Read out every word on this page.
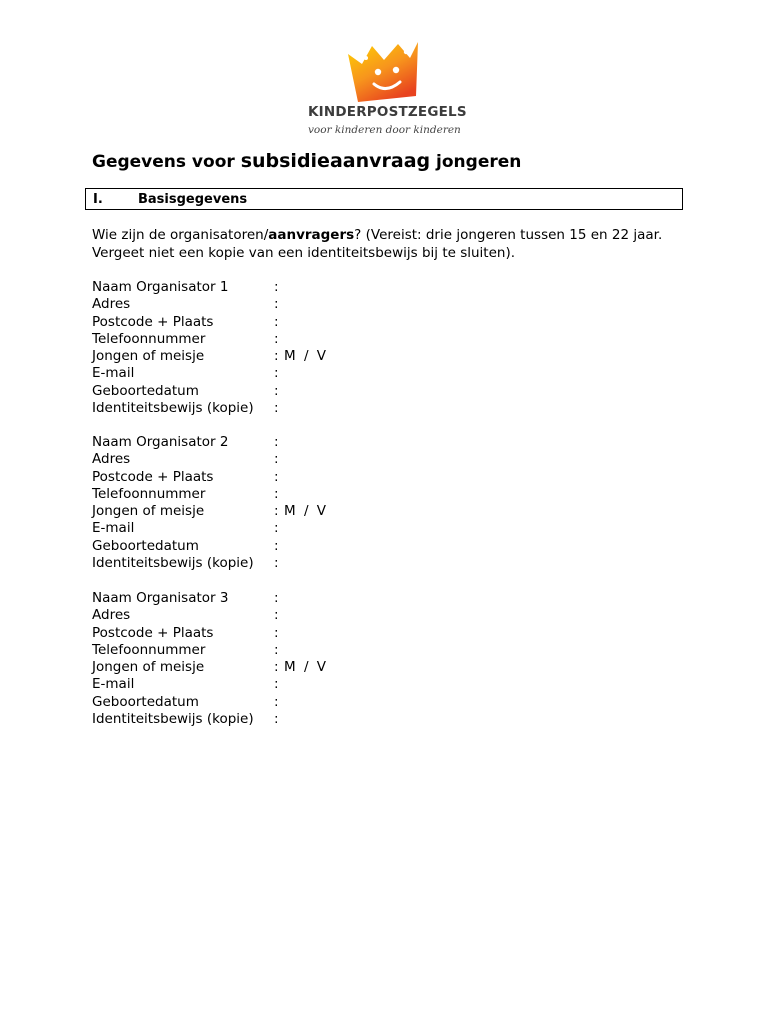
KINDERPOSTZEGELS
voor kinderen door kinderen
Gegevens voor subsidieaanvraag jongeren
I.	Basisgegevens
Wie zijn de organisatoren/aanvragers? (Vereist: drie jongeren tussen 15 en 22 jaar. Vergeet niet een kopie van een identiteitsbewijs bij te sluiten).
Naam Organisator 1	:
Adres	:
Postcode + Plaats	:
Telefoonnummer	:
Jongen of meisje	: M / V
E-mail	:
Geboortedatum	:
Identiteitsbewijs (kopie) :
Naam Organisator 2	:
Adres	:
Postcode + Plaats	:
Telefoonnummer	:
Jongen of meisje	: M / V
E-mail	:
Geboortedatum	:
Identiteitsbewijs (kopie) :
Naam Organisator 3	:
Adres	:
Postcode + Plaats	:
Telefoonnummer	:
Jongen of meisje	: M / V
E-mail	:
Geboortedatum	:
Identiteitsbewijs (kopie) :
